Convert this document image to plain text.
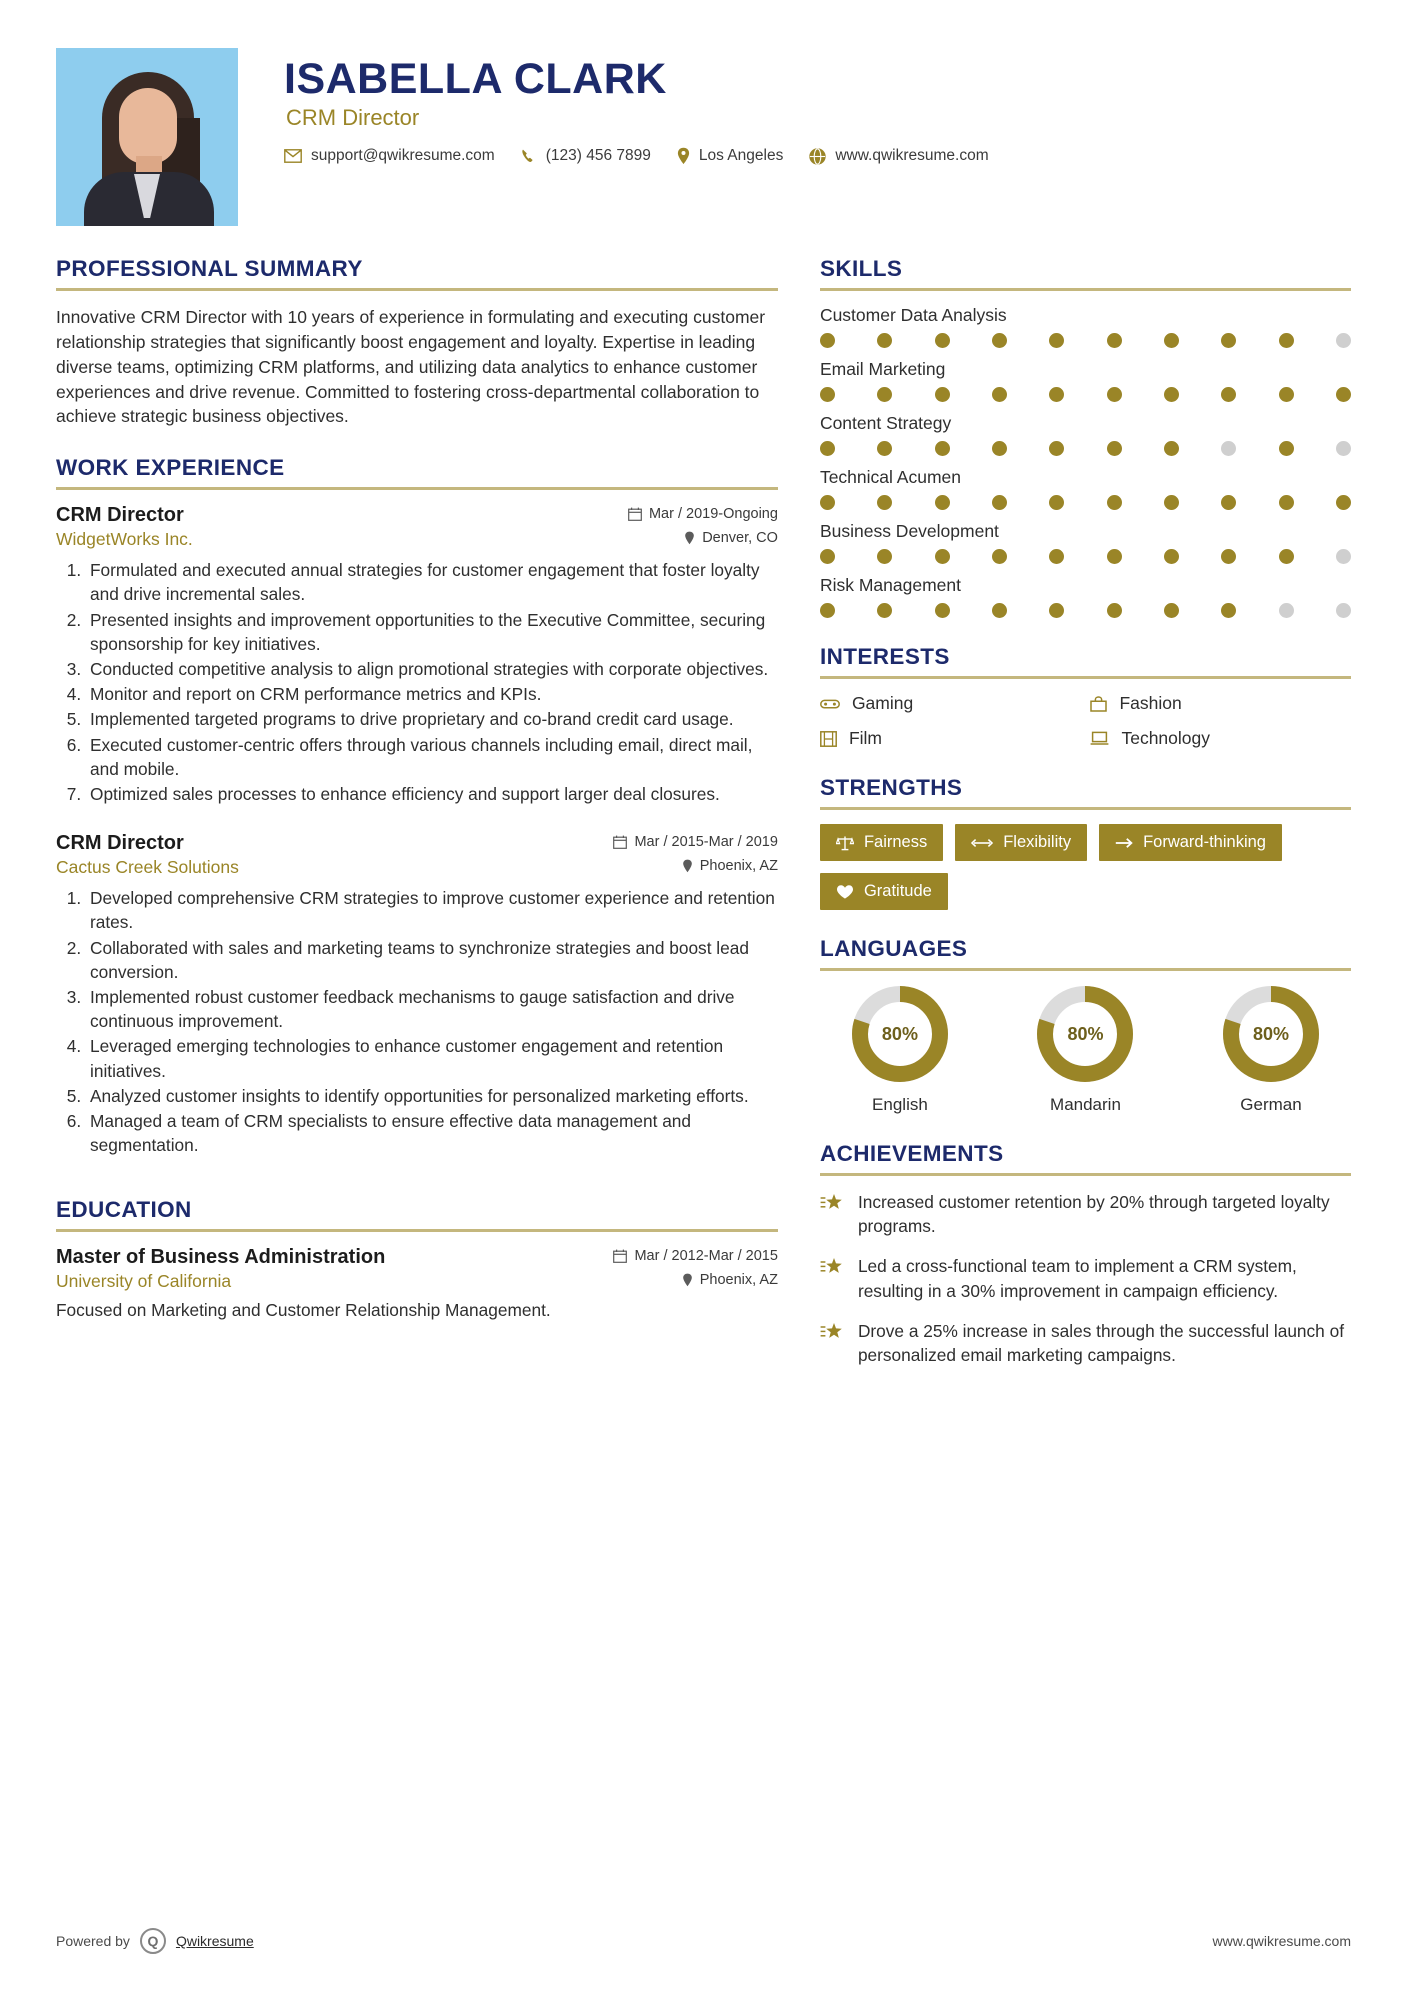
ISABELLA CLARK
CRM Director
support@qwikresume.com	(123) 456 7899	Los Angeles	www.qwikresume.com
PROFESSIONAL SUMMARY
Innovative CRM Director with 10 years of experience in formulating and executing customer relationship strategies that significantly boost engagement and loyalty. Expertise in leading diverse teams, optimizing CRM platforms, and utilizing data analytics to enhance customer experiences and drive revenue. Committed to fostering cross-departmental collaboration to achieve strategic business objectives.
WORK EXPERIENCE
CRM Director	Mar / 2019-Ongoing
WidgetWorks Inc.	Denver, CO
1. Formulated and executed annual strategies for customer engagement that foster loyalty and drive incremental sales.
2. Presented insights and improvement opportunities to the Executive Committee, securing sponsorship for key initiatives.
3. Conducted competitive analysis to align promotional strategies with corporate objectives.
4. Monitor and report on CRM performance metrics and KPIs.
5. Implemented targeted programs to drive proprietary and co-brand credit card usage.
6. Executed customer-centric offers through various channels including email, direct mail, and mobile.
7. Optimized sales processes to enhance efficiency and support larger deal closures.
CRM Director	Mar / 2015-Mar / 2019
Cactus Creek Solutions	Phoenix, AZ
1. Developed comprehensive CRM strategies to improve customer experience and retention rates.
2. Collaborated with sales and marketing teams to synchronize strategies and boost lead conversion.
3. Implemented robust customer feedback mechanisms to gauge satisfaction and drive continuous improvement.
4. Leveraged emerging technologies to enhance customer engagement and retention initiatives.
5. Analyzed customer insights to identify opportunities for personalized marketing efforts.
6. Managed a team of CRM specialists to ensure effective data management and segmentation.
EDUCATION
Master of Business Administration	Mar / 2012-Mar / 2015
University of California	Phoenix, AZ
Focused on Marketing and Customer Relationship Management.
SKILLS
Customer Data Analysis
Email Marketing
Content Strategy
Technical Acumen
Business Development
Risk Management
INTERESTS
Gaming	Fashion
Film	Technology
STRENGTHS
Fairness	Flexibility	Forward-thinking
Gratitude
LANGUAGES
80%
English
80%
Mandarin
80%
German
ACHIEVEMENTS
Increased customer retention by 20% through targeted loyalty programs.
Led a cross-functional team to implement a CRM system, resulting in a 30% improvement in campaign efficiency.
Drove a 25% increase in sales through the successful launch of personalized email marketing campaigns.
Powered by	Q	Qwikresume	www.qwikresume.com
